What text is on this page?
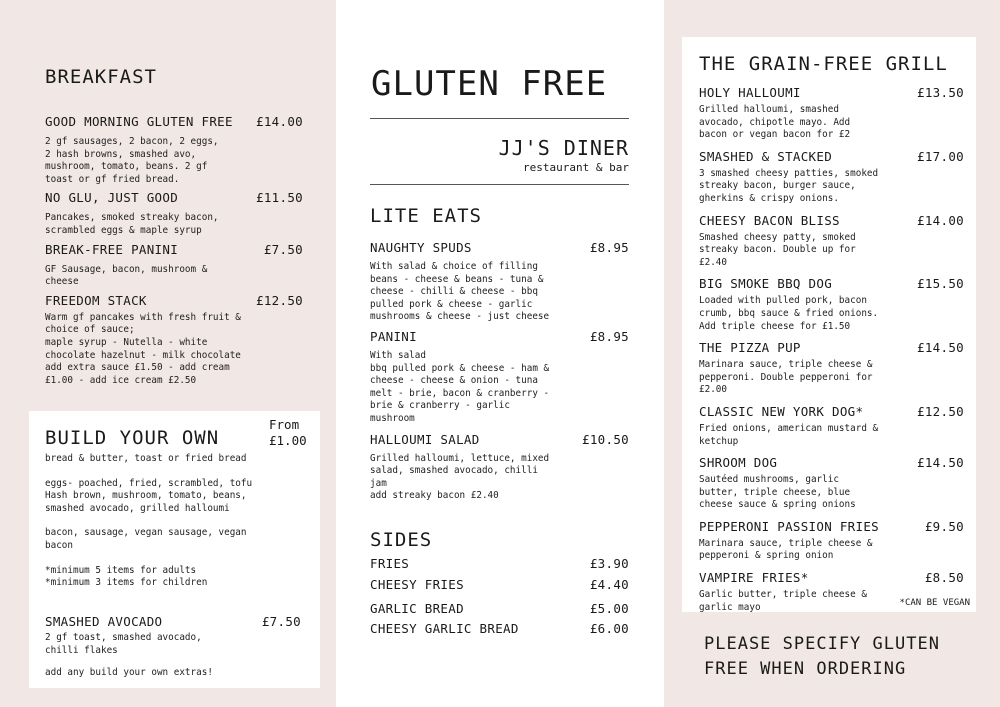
BREAKFAST
GOOD MORNING GLUTEN FREE £14.00
2 gf sausages, 2 bacon, 2 eggs,
2 hash browns, smashed avo,
mushroom, tomato, beans. 2 gf
toast or gf fried bread.
NO GLU, JUST GOOD	£11.50
Pancakes, smoked streaky bacon,
scrambled eggs & maple syrup
BREAK-FREE PANINI	£7.50
GF Sausage, bacon, mushroom &
cheese
FREEDOM STACK	£12.50
Warm gf pancakes with fresh fruit &
choice of sauce;
maple syrup - Nutella - white
chocolate hazelnut - milk chocolate
add extra sauce £1.50 - add cream
£1.00 - add ice cream £2.50
BUILD YOUR OWN
From
£1.00
bread & butter, toast or fried bread
eggs- poached, fried, scrambled, tofu
Hash brown, mushroom, tomato, beans,
smashed avocado, grilled halloumi
bacon, sausage, vegan sausage, vegan
bacon
*minimum 5 items for adults
*minimum 3 items for children
SMASHED AVOCADO	£7.50
2 gf toast, smashed avocado,
chilli flakes
add any build your own extras!
GLUTEN FREE
JJ'S DINER
restaurant & bar
LITE EATS
NAUGHTY SPUDS	£8.95
With salad & choice of filling
beans - cheese & beans - tuna &
cheese - chilli & cheese - bbq
pulled pork & cheese - garlic
mushrooms & cheese - just cheese
PANINI	£8.95
With salad
bbq pulled pork & cheese - ham &
cheese - cheese & onion - tuna
melt - brie, bacon & cranberry -
brie & cranberry - garlic
mushroom
HALLOUMI SALAD	£10.50
Grilled halloumi, lettuce, mixed
salad, smashed avocado, chilli
jam
add streaky bacon £2.40
SIDES
FRIES	£3.90
CHEESY FRIES	£4.40
GARLIC BREAD	£5.00
CHEESY GARLIC BREAD	£6.00
THE GRAIN-FREE GRILL
HOLY HALLOUMI	£13.50
Grilled halloumi, smashed
avocado, chipotle mayo. Add
bacon or vegan bacon for £2
SMASHED & STACKED	£17.00
3 smashed cheesy patties, smoked
streaky bacon, burger sauce,
gherkins & crispy onions.
CHEESY BACON BLISS	£14.00
Smashed cheesy patty, smoked
streaky bacon. Double up for
£2.40
BIG SMOKE BBQ DOG	£15.50
Loaded with pulled pork, bacon
crumb, bbq sauce & fried onions.
Add triple cheese for £1.50
THE PIZZA PUP	£14.50
Marinara sauce, triple cheese &
pepperoni. Double pepperoni for
£2.00
CLASSIC NEW YORK DOG*	£12.50
Fried onions, american mustard &
ketchup
SHROOM DOG	£14.50
Sautéed mushrooms, garlic
butter, triple cheese, blue
cheese sauce & spring onions
PEPPERONI PASSION FRIES	£9.50
Marinara sauce, triple cheese &
pepperoni & spring onion
VAMPIRE FRIES*	£8.50
Garlic butter, triple cheese &
garlic mayo	*CAN BE VEGAN
PLEASE SPECIFY GLUTEN
FREE WHEN ORDERING
